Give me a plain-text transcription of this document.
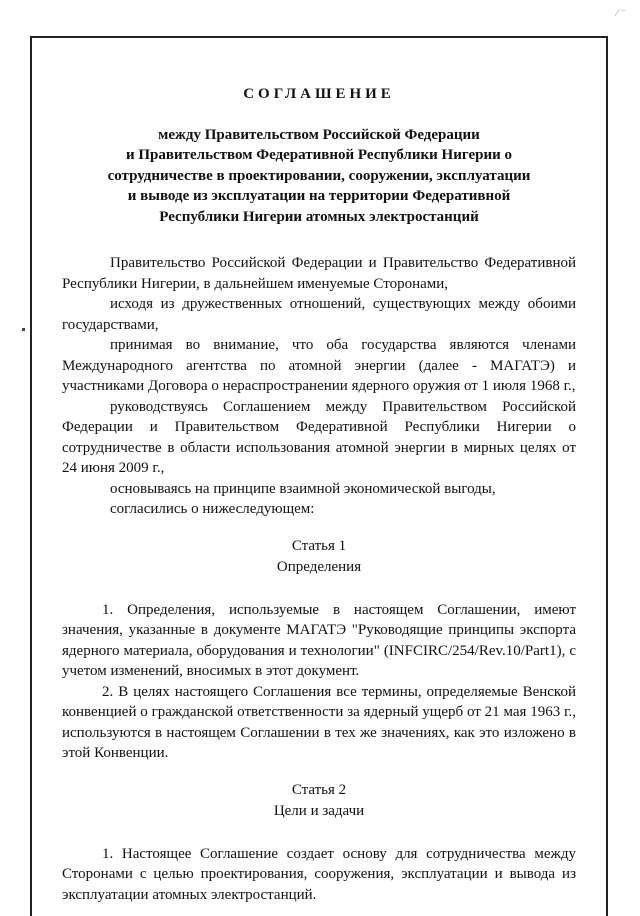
⁄ ⁻
СОГЛАШЕНИЕ
между Правительством Российской Федерации
и Правительством Федеративной Республики Нигерии о
сотрудничестве в проектировании, сооружении, эксплуатации
и выводе из эксплуатации на территории Федеративной
Республики Нигерии атомных электростанций

Правительство Российской Федерации и Правительство Федеративной Республики Нигерии, в дальнейшем именуемые Сторонами,

исходя из дружественных отношений, существующих между обоими государствами,

принимая во внимание, что оба государства являются членами Международного агентства по атомной энергии (далее - МАГАТЭ) и участниками Договора о нераспространении ядерного оружия от 1 июля 1968 г.,

руководствуясь Соглашением между Правительством Российской Федерации и Правительством Федеративной Республики Нигерии о сотрудничестве в области использования атомной энергии в мирных целях от 24 июня 2009 г.,

основываясь на принципе взаимной экономической выгоды,

согласились о нижеследующем:

Статья 1
Определения

1. Определения, используемые в настоящем Соглашении, имеют значения, указанные в документе МАГАТЭ "Руководящие принципы экспорта ядерного материала, оборудования и технологии" (INFCIRC/254/Rev.10/Part1), с учетом изменений, вносимых в этот документ.

2. В целях настоящего Соглашения все термины, определяемые Венской конвенцией о гражданской ответственности за ядерный ущерб от 21 мая 1963 г., используются в настоящем Соглашении в тех же значениях, как это изложено в этой Конвенции.

Статья 2
Цели и задачи

1. Настоящее Соглашение создает основу для сотрудничества между Сторонами с целью проектирования, сооружения, эксплуатации и вывода из эксплуатации атомных электростанций.
